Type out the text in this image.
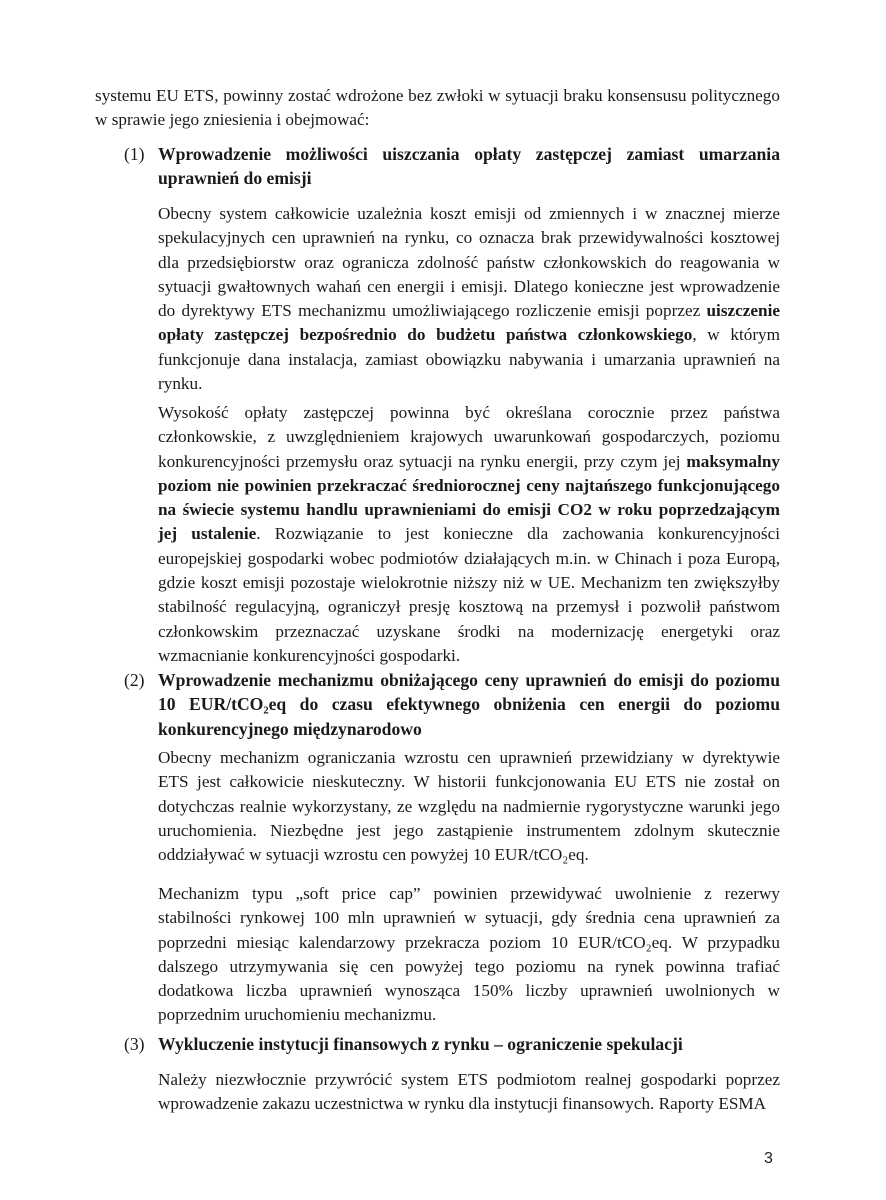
systemu EU ETS, powinny zostać wdrożone bez zwłoki w sytuacji braku konsensusu politycznego w sprawie jego zniesienia i obejmować:

(1) Wprowadzenie możliwości uiszczania opłaty zastępczej zamiast umarzania uprawnień do emisji

Obecny system całkowicie uzależnia koszt emisji od zmiennych i w znacznej mierze spekulacyjnych cen uprawnień na rynku, co oznacza brak przewidywalności kosztowej dla przedsiębiorstw oraz ogranicza zdolność państw członkowskich do reagowania w sytuacji gwałtownych wahań cen energii i emisji. Dlatego konieczne jest wprowadzenie do dyrektywy ETS mechanizmu umożliwiającego rozliczenie emisji poprzez uiszczenie opłaty zastępczej bezpośrednio do budżetu państwa członkowskiego, w którym funkcjonuje dana instalacja, zamiast obowiązku nabywania i umarzania uprawnień na rynku.

Wysokość opłaty zastępczej powinna być określana corocznie przez państwa członkowskie, z uwzględnieniem krajowych uwarunkowań gospodarczych, poziomu konkurencyjności przemysłu oraz sytuacji na rynku energii, przy czym jej maksymalny poziom nie powinien przekraczać średniorocznej ceny najtańszego funkcjonującego na świecie systemu handlu uprawnieniami do emisji CO2 w roku poprzedzającym jej ustalenie. Rozwiązanie to jest konieczne dla zachowania konkurencyjności europejskiej gospodarki wobec podmiotów działających m.in. w Chinach i poza Europą, gdzie koszt emisji pozostaje wielokrotnie niższy niż w UE. Mechanizm ten zwiększyłby stabilność regulacyjną, ograniczył presję kosztową na przemysł i pozwolił państwom członkowskim przeznaczać uzyskane środki na modernizację energetyki oraz wzmacnianie konkurencyjności gospodarki.

(2) Wprowadzenie mechanizmu obniżającego ceny uprawnień do emisji do poziomu 10 EUR/tCO₂eq do czasu efektywnego obniżenia cen energii do poziomu konkurencyjnego międzynarodowo

Obecny mechanizm ograniczania wzrostu cen uprawnień przewidziany w dyrektywie ETS jest całkowicie nieskuteczny. W historii funkcjonowania EU ETS nie został on dotychczas realnie wykorzystany, ze względu na nadmiernie rygorystyczne warunki jego uruchomienia. Niezbędne jest jego zastąpienie instrumentem zdolnym skutecznie oddziaływać w sytuacji wzrostu cen powyżej 10 EUR/tCO₂eq.

Mechanizm typu „soft price cap” powinien przewidywać uwolnienie z rezerwy stabilności rynkowej 100 mln uprawnień w sytuacji, gdy średnia cena uprawnień za poprzedni miesiąc kalendarzowy przekracza poziom 10 EUR/tCO₂eq. W przypadku dalszego utrzymywania się cen powyżej tego poziomu na rynek powinna trafiać dodatkowa liczba uprawnień wynosząca 150% liczby uprawnień uwolnionych w poprzednim uruchomieniu mechanizmu.

(3) Wykluczenie instytucji finansowych z rynku – ograniczenie spekulacji

Należy niezwłocznie przywrócić system ETS podmiotom realnej gospodarki poprzez wprowadzenie zakazu uczestnictwa w rynku dla instytucji finansowych. Raporty ESMA

3
